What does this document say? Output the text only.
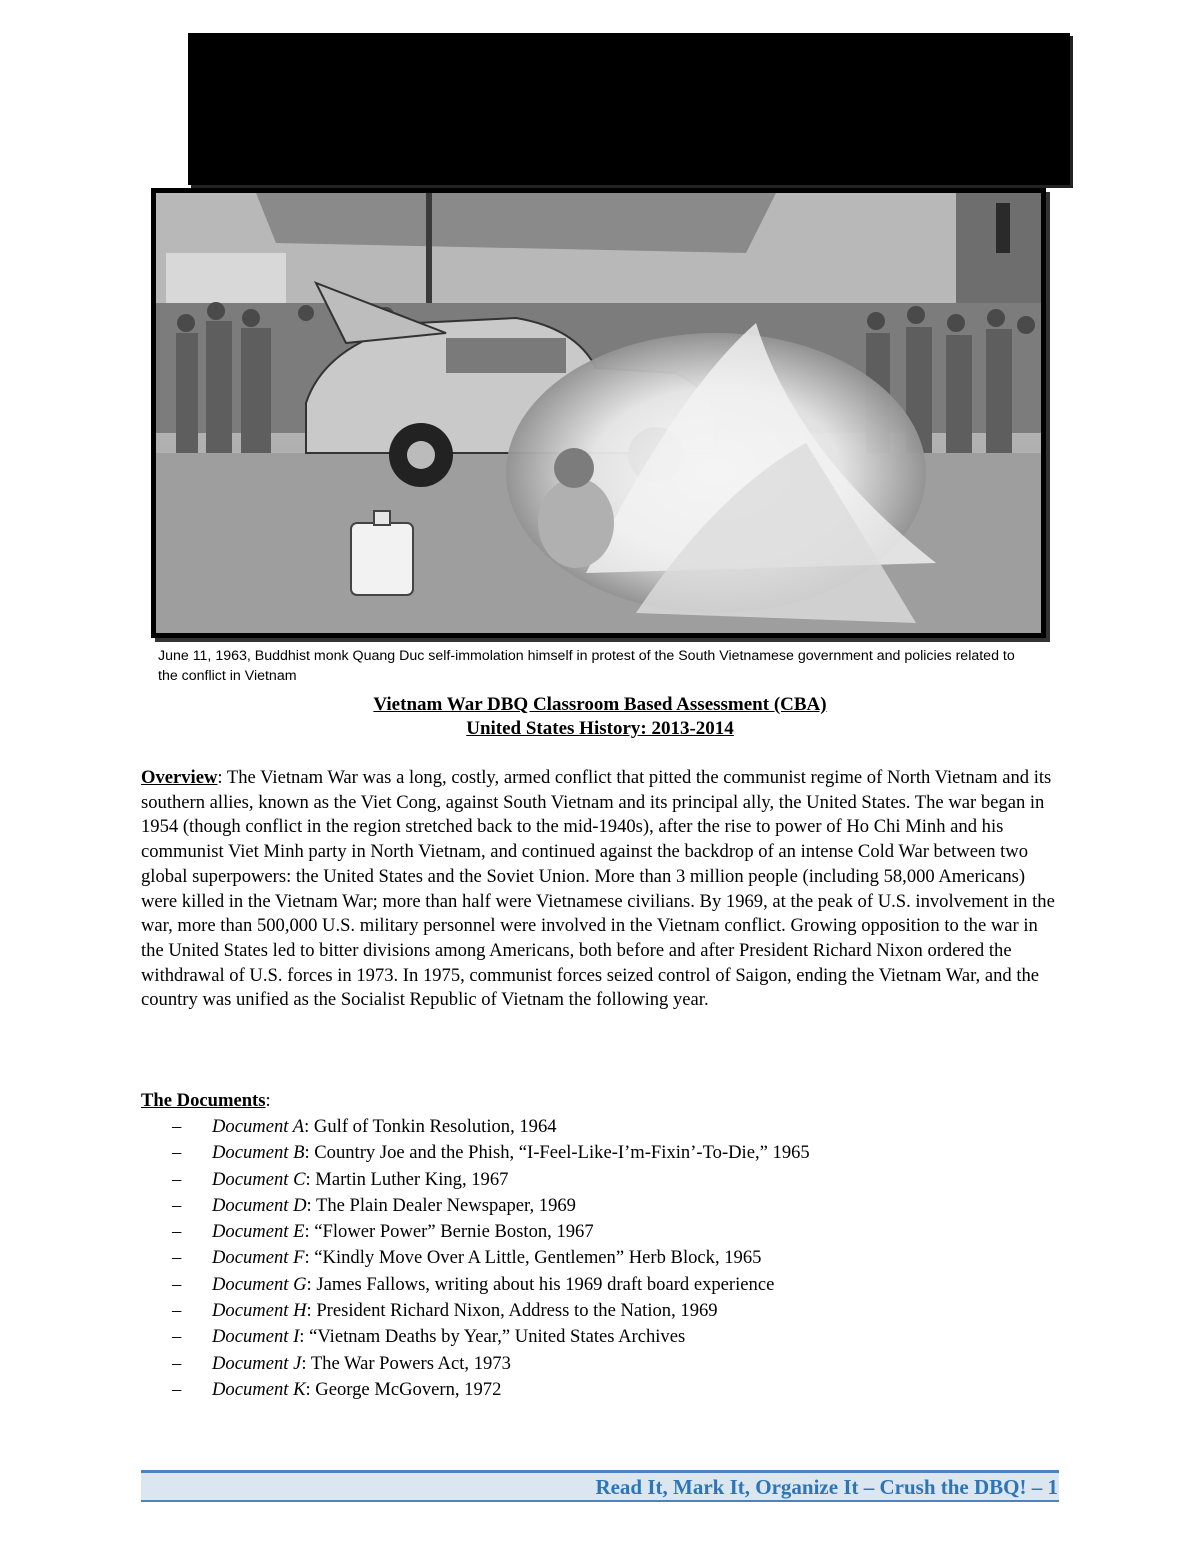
June 11, 1963, Buddhist monk Quang Duc self-immolation himself in protest of the South Vietnamese government and policies related to the conflict in Vietnam

Vietnam War DBQ Classroom Based Assessment (CBA)
United States History: 2013-2014

Overview: The Vietnam War was a long, costly, armed conflict that pitted the communist regime of North Vietnam and its southern allies, known as the Viet Cong, against South Vietnam and its principal ally, the United States. The war began in 1954 (though conflict in the region stretched back to the mid-1940s), after the rise to power of Ho Chi Minh and his communist Viet Minh party in North Vietnam, and continued against the backdrop of an intense Cold War between two global superpowers: the United States and the Soviet Union. More than 3 million people (including 58,000 Americans) were killed in the Vietnam War; more than half were Vietnamese civilians. By 1969, at the peak of U.S. involvement in the war, more than 500,000 U.S. military personnel were involved in the Vietnam conflict. Growing opposition to the war in the United States led to bitter divisions among Americans, both before and after President Richard Nixon ordered the withdrawal of U.S. forces in 1973. In 1975, communist forces seized control of Saigon, ending the Vietnam War, and the country was unified as the Socialist Republic of Vietnam the following year.

The Documents:
–	Document A: Gulf of Tonkin Resolution, 1964
–	Document B: Country Joe and the Phish, “I-Feel-Like-I’m-Fixin’-To-Die,” 1965
–	Document C: Martin Luther King, 1967
–	Document D: The Plain Dealer Newspaper, 1969
–	Document E: “Flower Power” Bernie Boston, 1967
–	Document F: “Kindly Move Over A Little, Gentlemen” Herb Block, 1965
–	Document G: James Fallows, writing about his 1969 draft board experience
–	Document H: President Richard Nixon, Address to the Nation, 1969
–	Document I: “Vietnam Deaths by Year,” United States Archives
–	Document J: The War Powers Act, 1973
–	Document K: George McGovern, 1972
Read It, Mark It, Organize It – Crush the DBQ! – 1
